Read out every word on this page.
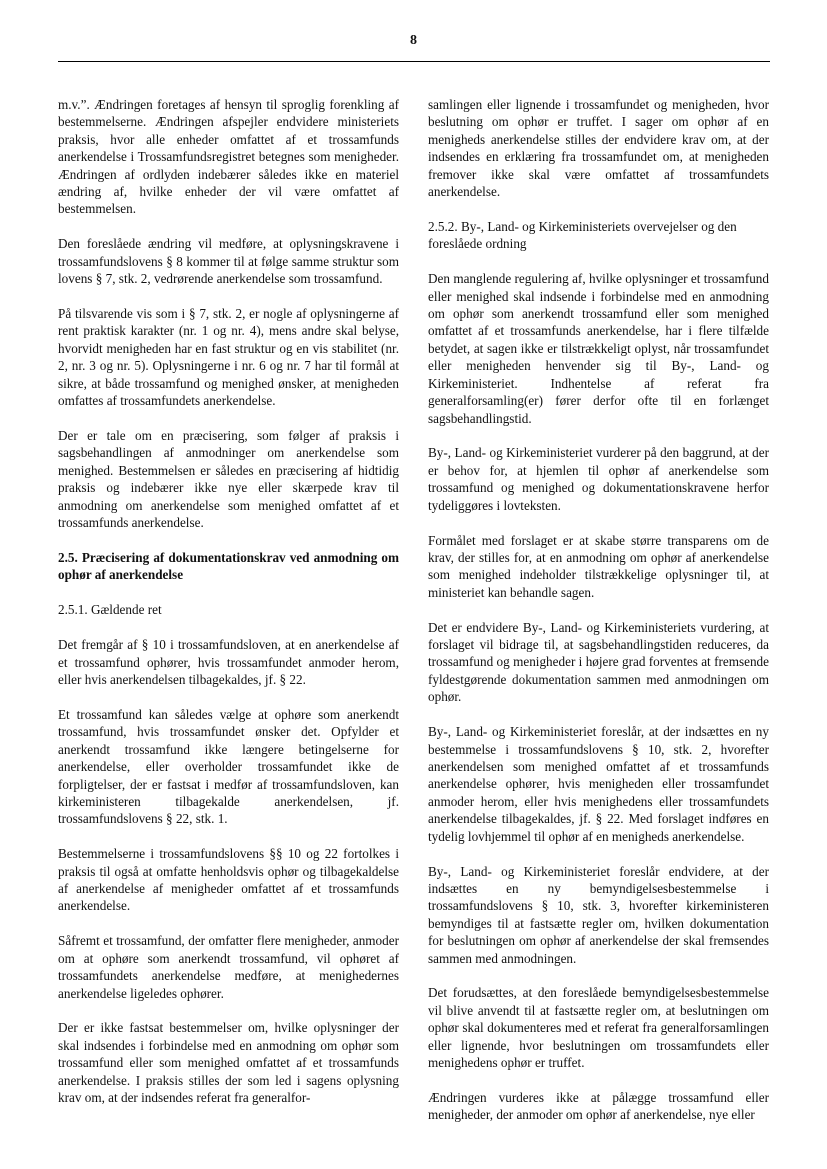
8

m.v.”. Ændringen foretages af hensyn til sproglig forenkling af bestemmelserne. Ændringen afspejler endvidere ministeriets praksis, hvor alle enheder omfattet af et trossamfunds anerkendelse i Trossamfundsregistret betegnes som menigheder. Ændringen af ordlyden indebærer således ikke en materiel ændring af, hvilke enheder der vil være omfattet af bestemmelsen.

Den foreslåede ændring vil medføre, at oplysningskravene i trossamfundslovens § 8 kommer til at følge samme struktur som lovens § 7, stk. 2, vedrørende anerkendelse som trossamfund.

På tilsvarende vis som i § 7, stk. 2, er nogle af oplysningerne af rent praktisk karakter (nr. 1 og nr. 4), mens andre skal belyse, hvorvidt menigheden har en fast struktur og en vis stabilitet (nr. 2, nr. 3 og nr. 5). Oplysningerne i nr. 6 og nr. 7 har til formål at sikre, at både trossamfund og menighed ønsker, at menigheden omfattes af trossamfundets anerkendelse.

Der er tale om en præcisering, som følger af praksis i sagsbehandlingen af anmodninger om anerkendelse som menighed. Bestemmelsen er således en præcisering af hidtidig praksis og indebærer ikke nye eller skærpede krav til anmodning om anerkendelse som menighed omfattet af et trossamfunds anerkendelse.

2.5. Præcisering af dokumentationskrav ved anmodning om ophør af anerkendelse

2.5.1. Gældende ret

Det fremgår af § 10 i trossamfundsloven, at en anerkendelse af et trossamfund ophører, hvis trossamfundet anmoder herom, eller hvis anerkendelsen tilbagekaldes, jf. § 22.

Et trossamfund kan således vælge at ophøre som anerkendt trossamfund, hvis trossamfundet ønsker det. Opfylder et anerkendt trossamfund ikke længere betingelserne for anerkendelse, eller overholder trossamfundet ikke de forpligtelser, der er fastsat i medfør af trossamfundsloven, kan kirkeministeren tilbagekalde anerkendelsen, jf. trossamfundslovens § 22, stk. 1.

Bestemmelserne i trossamfundslovens §§ 10 og 22 fortolkes i praksis til også at omfatte henholdsvis ophør og tilbagekaldelse af anerkendelse af menigheder omfattet af et trossamfunds anerkendelse.

Såfremt et trossamfund, der omfatter flere menigheder, anmoder om at ophøre som anerkendt trossamfund, vil ophøret af trossamfundets anerkendelse medføre, at menighedernes anerkendelse ligeledes ophører.

Der er ikke fastsat bestemmelser om, hvilke oplysninger der skal indsendes i forbindelse med en anmodning om ophør som trossamfund eller som menighed omfattet af et trossamfunds anerkendelse. I praksis stilles der som led i sagens oplysning krav om, at der indsendes referat fra generalfor-

samlingen eller lignende i trossamfundet og menigheden, hvor beslutning om ophør er truffet. I sager om ophør af en menigheds anerkendelse stilles der endvidere krav om, at der indsendes en erklæring fra trossamfundet om, at menigheden fremover ikke skal være omfattet af trossamfundets anerkendelse.

2.5.2. By-, Land- og Kirkeministeriets overvejelser og den foreslåede ordning

Den manglende regulering af, hvilke oplysninger et trossamfund eller menighed skal indsende i forbindelse med en anmodning om ophør som anerkendt trossamfund eller som menighed omfattet af et trossamfunds anerkendelse, har i flere tilfælde betydet, at sagen ikke er tilstrækkeligt oplyst, når trossamfundet eller menigheden henvender sig til By-, Land- og Kirkeministeriet. Indhentelse af referat fra generalforsamling(er) fører derfor ofte til en forlænget sagsbehandlingstid.

By-, Land- og Kirkeministeriet vurderer på den baggrund, at der er behov for, at hjemlen til ophør af anerkendelse som trossamfund og menighed og dokumentationskravene herfor tydeliggøres i lovteksten.

Formålet med forslaget er at skabe større transparens om de krav, der stilles for, at en anmodning om ophør af anerkendelse som menighed indeholder tilstrækkelige oplysninger til, at ministeriet kan behandle sagen.

Det er endvidere By-, Land- og Kirkeministeriets vurdering, at forslaget vil bidrage til, at sagsbehandlingstiden reduceres, da trossamfund og menigheder i højere grad forventes at fremsende fyldestgørende dokumentation sammen med anmodningen om ophør.

By-, Land- og Kirkeministeriet foreslår, at der indsættes en ny bestemmelse i trossamfundslovens § 10, stk. 2, hvorefter anerkendelsen som menighed omfattet af et trossamfunds anerkendelse ophører, hvis menigheden eller trossamfundet anmoder herom, eller hvis menighedens eller trossamfundets anerkendelse tilbagekaldes, jf. § 22. Med forslaget indføres en tydelig lovhjemmel til ophør af en menigheds anerkendelse.

By-, Land- og Kirkeministeriet foreslår endvidere, at der indsættes en ny bemyndigelsesbestemmelse i trossamfundslovens § 10, stk. 3, hvorefter kirkeministeren bemyndiges til at fastsætte regler om, hvilken dokumentation for beslutningen om ophør af anerkendelse der skal fremsendes sammen med anmodningen.

Det forudsættes, at den foreslåede bemyndigelsesbestemmelse vil blive anvendt til at fastsætte regler om, at beslutningen om ophør skal dokumenteres med et referat fra generalforsamlingen eller lignende, hvor beslutningen om trossamfundets eller menighedens ophør er truffet.

Ændringen vurderes ikke at pålægge trossamfund eller menigheder, der anmoder om ophør af anerkendelse, nye eller
